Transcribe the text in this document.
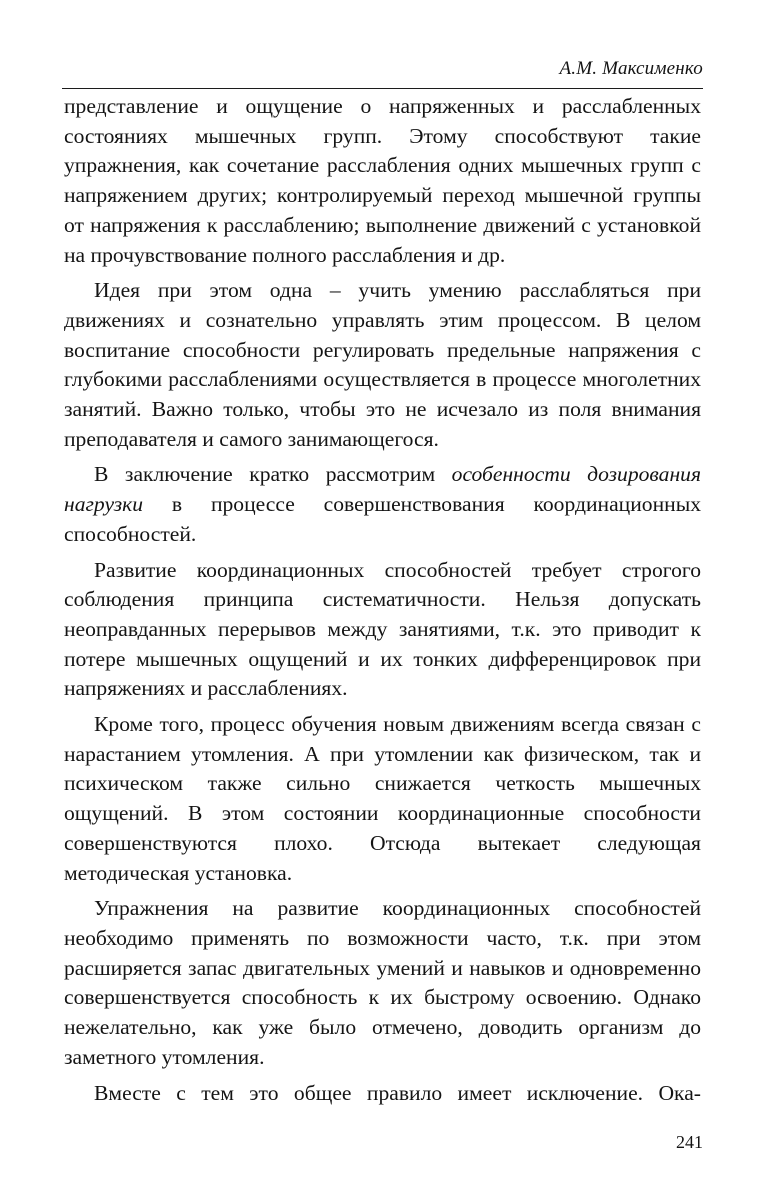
А.М. Максименко

представление и ощущение о напряженных и расслабленных состояниях мышечных групп. Этому способствуют такие упражнения, как сочетание расслабления одних мышечных групп с напряжением других; контролируемый переход мышечной группы от напряжения к расслаблению; выполнение движений с установкой на прочувствование полного расслабления и др.

Идея при этом одна – учить умению расслабляться при движениях и сознательно управлять этим процессом. В целом воспитание способности регулировать предельные напряжения с глубокими расслаблениями осуществляется в процессе многолетних занятий. Важно только, чтобы это не исчезало из поля внимания преподавателя и самого занимающегося.

В заключение кратко рассмотрим особенности дозирования нагрузки в процессе совершенствования координационных способностей.

Развитие координационных способностей требует строгого соблюдения принципа систематичности. Нельзя допускать неоправданных перерывов между занятиями, т.к. это приводит к потере мышечных ощущений и их тонких дифференцировок при напряжениях и расслаблениях.

Кроме того, процесс обучения новым движениям всегда связан с нарастанием утомления. А при утомлении как физическом, так и психическом также сильно снижается четкость мышечных ощущений. В этом состоянии координационные способности совершенствуются плохо. Отсюда вытекает следующая методическая установка.

Упражнения на развитие координационных способностей необходимо применять по возможности часто, т.к. при этом расширяется запас двигательных умений и навыков и одновременно совершенствуется способность к их быстрому освоению. Однако нежелательно, как уже было отмечено, доводить организм до заметного утомления.

Вместе с тем это общее правило имеет исключение. Ока-

241
